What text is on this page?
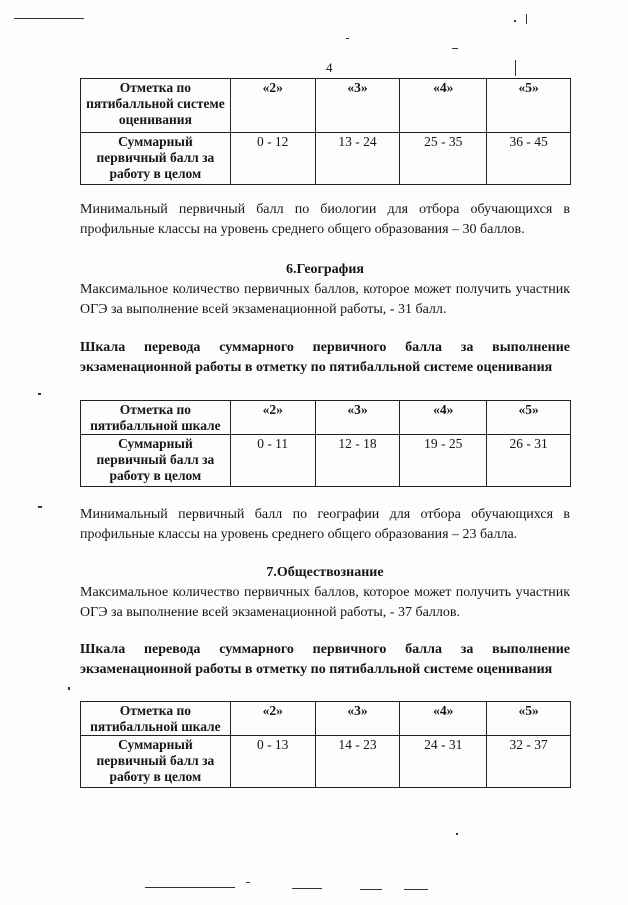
4
Отметка по пятибалльной системе оценивания	«2»	«3»	«4»	«5»
Суммарный первичный балл за работу в целом	0 - 12	13 - 24	25 - 35	36 - 45

Минимальный первичный балл по биологии для отбора обучающихся в профильные классы на уровень среднего общего образования – 30 баллов.

6.География

Максимальное количество первичных баллов, которое может получить участник ОГЭ за выполнение всей экзаменационной работы, - 31 балл.

Шкала перевода суммарного первичного балла за выполнение
экзаменационной работы в отметку по пятибалльной системе оценивания

Отметка по пятибалльной шкале	«2»	«3»	«4»	«5»
Суммарный первичный балл за работу в целом	0 - 11	12 - 18	19 - 25	26 - 31

Минимальный первичный балл по географии для отбора обучающихся в профильные классы на уровень среднего общего образования – 23 балла.

7.Обществознание

Максимальное количество первичных баллов, которое может получить участник ОГЭ за выполнение всей экзаменационной работы, - 37 баллов.

Шкала перевода суммарного первичного балла за выполнение
экзаменационной работы в отметку по пятибалльной системе оценивания

Отметка по пятибалльной шкале	«2»	«3»	«4»	«5»
Суммарный первичный балл за работу в целом	0 - 13	14 - 23	24 - 31	32 - 37
